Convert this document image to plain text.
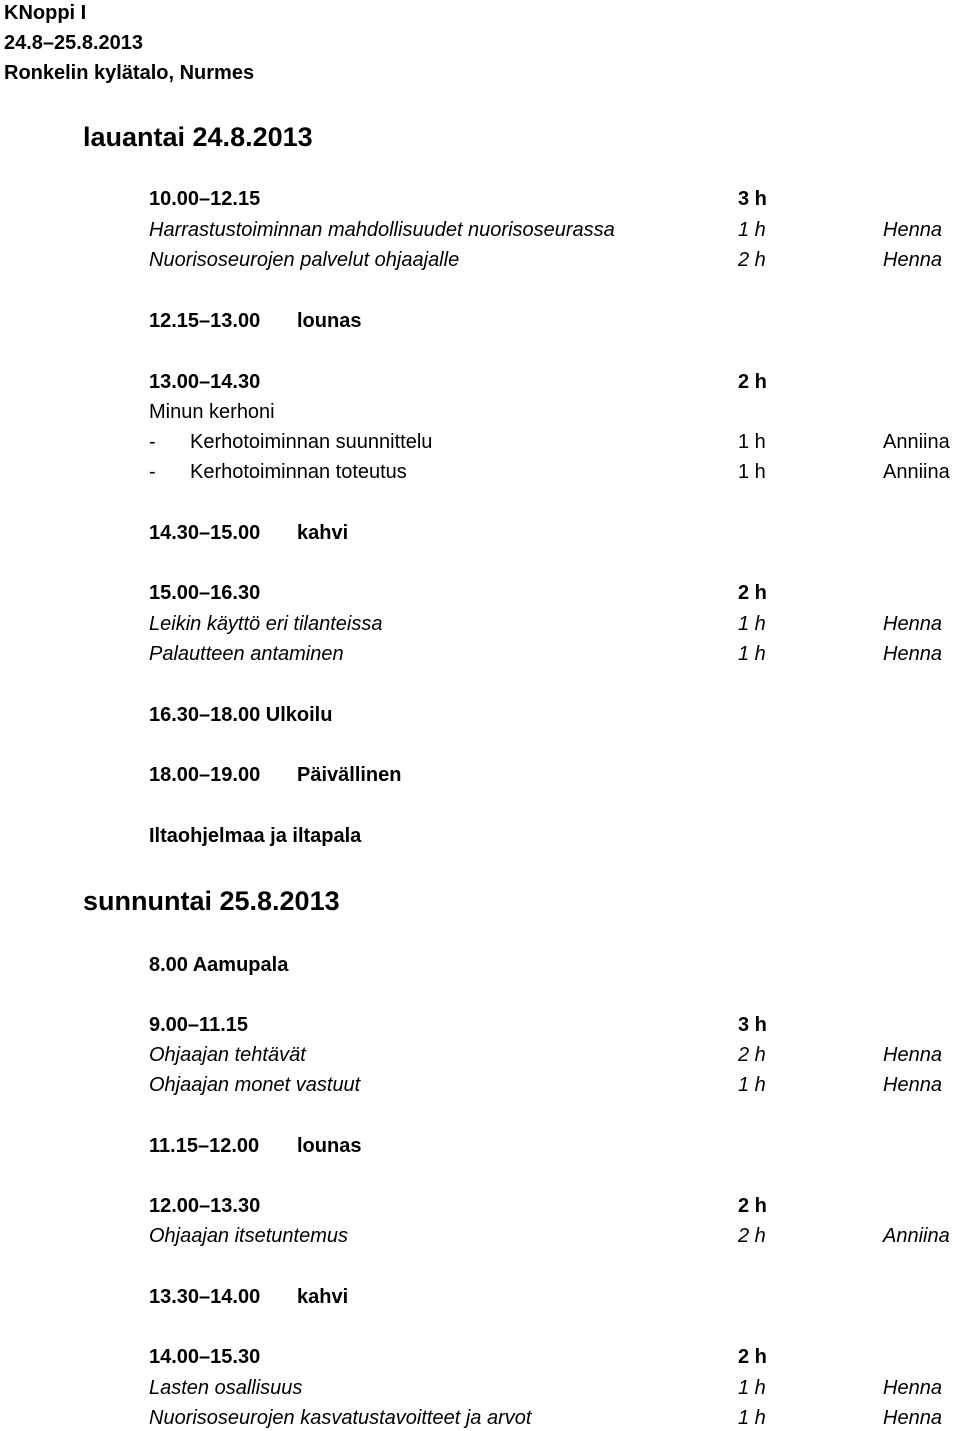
KNoppi I
24.8–25.8.2013
Ronkelin kylätalo, Nurmes
lauantai 24.8.2013
10.00–12.15	3 h
Harrastustoiminnan mahdollisuudet nuorisoseurassa	1 h	Henna
Nuorisoseurojen palvelut ohjaajalle	2 h	Henna
12.15–13.00 lounas
13.00–14.30	2 h
Minun kerhoni
- Kerhotoiminnan suunnittelu	1 h	Anniina
- Kerhotoiminnan toteutus	1 h	Anniina
14.30–15.00 kahvi
15.00–16.30	2 h
Leikin käyttö eri tilanteissa	1 h	Henna
Palautteen antaminen	1 h	Henna
16.30–18.00 Ulkoilu
18.00–19.00 Päivällinen
Iltaohjelmaa ja iltapala
sunnuntai 25.8.2013
8.00 Aamupala
9.00–11.15	3 h
Ohjaajan tehtävät	2 h	Henna
Ohjaajan monet vastuut	1 h	Henna
11.15–12.00 lounas
12.00–13.30	2 h
Ohjaajan itsetuntemus	2 h	Anniina
13.30–14.00 kahvi
14.00–15.30	2 h
Lasten osallisuus	1 h	Henna
Nuorisoseurojen kasvatustavoitteet ja arvot	1 h	Henna
